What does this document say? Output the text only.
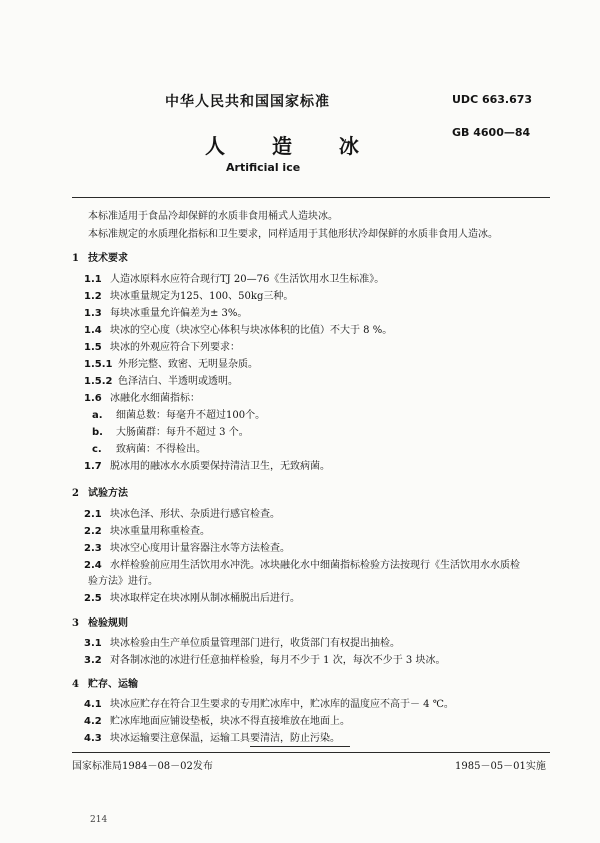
中华人民共和国国家标准	UDC 663.673
人 造 冰
GB 4600—84
Artificial ice
本标准适用于食品冷却保鲜的水质非食用桶式人造块冰。
本标准规定的水质理化指标和卫生要求，同样适用于其他形状冷却保鲜的水质非食用人造冰。
1 技术要求
1.1 人造冰原料水应符合现行TJ 20—76《生活饮用水卫生标准》。
1.2 块冰重量规定为125、100、50kg三种。
1.3 每块冰重量允许偏差为± 3%。
1.4 块冰的空心度（块冰空心体积与块冰体积的比值）不大于 8 %。
1.5 块冰的外观应符合下列要求：
1.5.1 外形完整、致密、无明显杂质。
1.5.2 色泽洁白、半透明或透明。
1.6 冰融化水细菌指标：
a. 细菌总数：每毫升不超过100个。
b. 大肠菌群：每升不超过 3 个。
c. 致病菌：不得检出。
1.7 脱冰用的融冰水水质要保持清洁卫生，无致病菌。
2 试验方法
2.1 块冰色泽、形状、杂质进行感官检查。
2.2 块冰重量用称重检查。
2.3 块冰空心度用计量容器注水等方法检查。
2.4 水样检验前应用生活饮用水冲洗。冰块融化水中细菌指标检验方法按现行《生活饮用水水质检
验方法》进行。
2.5 块冰取样定在块冰刚从制冰桶脱出后进行。
3 检验规则
3.1 块冰检验由生产单位质量管理部门进行，收货部门有权提出抽检。
3.2 对各制冰池的冰进行任意抽样检验，每月不少于 1 次，每次不少于 3 块冰。
4 贮存、运输
4.1 块冰应贮存在符合卫生要求的专用贮冰库中，贮冰库的温度应不高于－ 4 ℃。
4.2 贮冰库地面应铺设垫板，块冰不得直接堆放在地面上。
4.3 块冰运输要注意保温，运输工具要清洁，防止污染。
国家标准局1984－08－02发布	1985－05－01实施
214
